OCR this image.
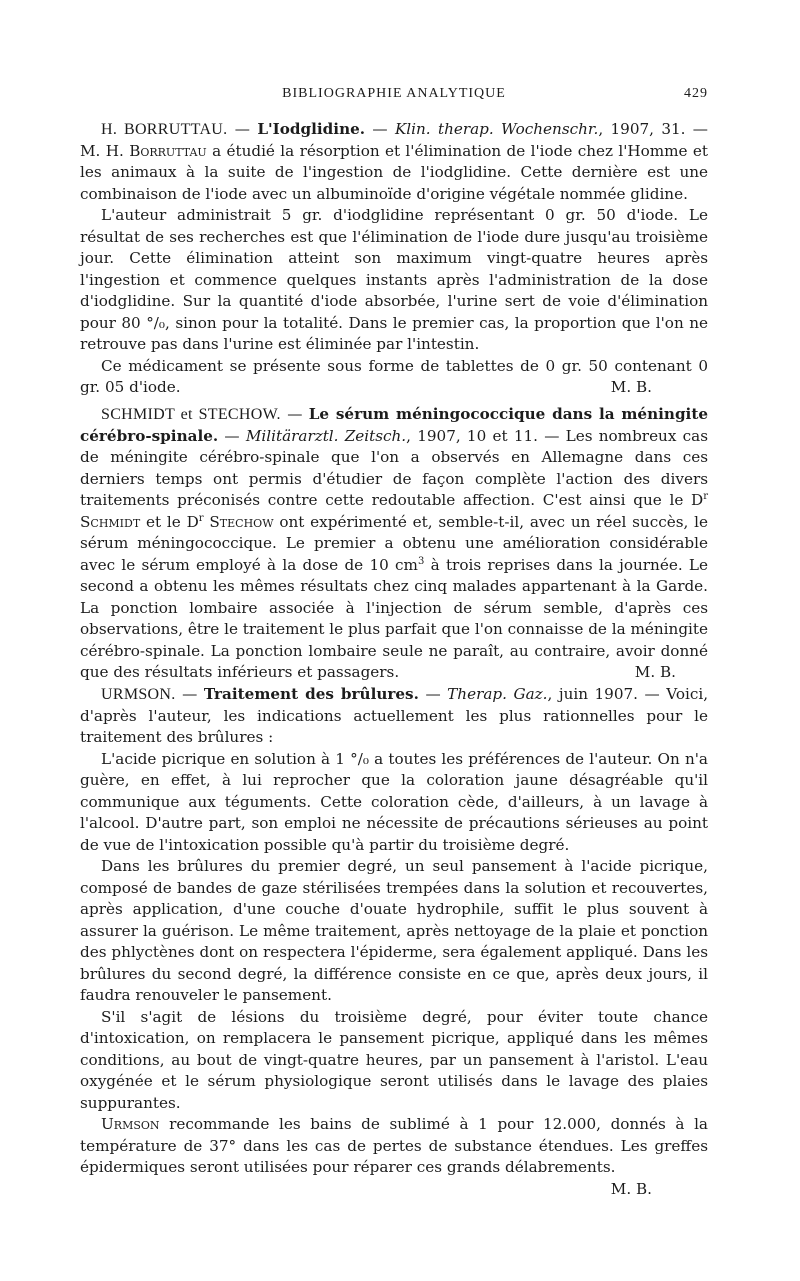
BIBLIOGRAPHIE ANALYTIQUE	429

H. BORRUTTAU. — L'Iodglidine. — Klin. therap. Wochenschr., 1907, 31. — M. H. Borruttau a étudié la résorption et l'élimination de l'iode chez l'Homme et les animaux à la suite de l'ingestion de l'iodglidine. Cette dernière est une combinaison de l'iode avec un albuminoïde d'origine végétale nommée glidine.

L'auteur administrait 5 gr. d'iodglidine représentant 0 gr. 50 d'iode. Le résultat de ses recherches est que l'élimination de l'iode dure jusqu'au troisième jour. Cette élimination atteint son maximum vingt-quatre heures après l'ingestion et commence quelques instants après l'administration de la dose d'iodglidine. Sur la quantité d'iode absorbée, l'urine sert de voie d'élimination pour 80 °/₀, sinon pour la totalité. Dans le premier cas, la proportion que l'on ne retrouve pas dans l'urine est éliminée par l'intestin.

Ce médicament se présente sous forme de tablettes de 0 gr. 50 contenant 0 gr. 05 d'iode.	M. B.

SCHMIDT et STECHOW. — Le sérum méningococcique dans la méningite cérébro-spinale. — Militärarztl. Zeitsch., 1907, 10 et 11. — Les nombreux cas de méningite cérébro-spinale que l'on a observés en Allemagne dans ces derniers temps ont permis d'étudier de façon complète l'action des divers traitements préconisés contre cette redoutable affection. C'est ainsi que le $D^r$ Schmidt et le $D^r$ Stechow ont expérimenté et, semble-t-il, avec un réel succès, le sérum méningococcique. Le premier a obtenu une amélioration considérable avec le sérum employé à la dose de 10 $cm^3$ à trois reprises dans la journée. Le second a obtenu les mêmes résultats chez cinq malades appartenant à la Garde. La ponction lombaire associée à l'injection de sérum semble, d'après ces observations, être le traitement le plus parfait que l'on connaisse de la méningite cérébro-spinale. La ponction lombaire seule ne paraît, au contraire, avoir donné que des résultats inférieurs et passagers.	M. B.

URMSON. — Traitement des brûlures. — Therap. Gaz., juin 1907. — Voici, d'après l'auteur, les indications actuellement les plus rationnelles pour le traitement des brûlures :

L'acide picrique en solution à 1 °/₀ a toutes les préférences de l'auteur. On n'a guère, en effet, à lui reprocher que la coloration jaune désagréable qu'il communique aux téguments. Cette coloration cède, d'ailleurs, à un lavage à l'alcool. D'autre part, son emploi ne nécessite de précautions sérieuses au point de vue de l'intoxication possible qu'à partir du troisième degré.

Dans les brûlures du premier degré, un seul pansement à l'acide picrique, composé de bandes de gaze stérilisées trempées dans la solution et recouvertes, après application, d'une couche d'ouate hydrophile, suffit le plus souvent à assurer la guérison. Le même traitement, après nettoyage de la plaie et ponction des phlyctènes dont on respectera l'épiderme, sera également appliqué. Dans les brûlures du second degré, la différence consiste en ce que, après deux jours, il faudra renouveler le pansement.

S'il s'agit de lésions du troisième degré, pour éviter toute chance d'intoxication, on remplacera le pansement picrique, appliqué dans les mêmes conditions, au bout de vingt-quatre heures, par un pansement à l'aristol. L'eau oxygénée et le sérum physiologique seront utilisés dans le lavage des plaies suppurantes.

Urmson recommande les bains de sublimé à 1 pour 12.000, donnés à la température de 37° dans les cas de pertes de substance étendues. Les greffes épidermiques seront utilisées pour réparer ces grands délabrements.

M. B.
